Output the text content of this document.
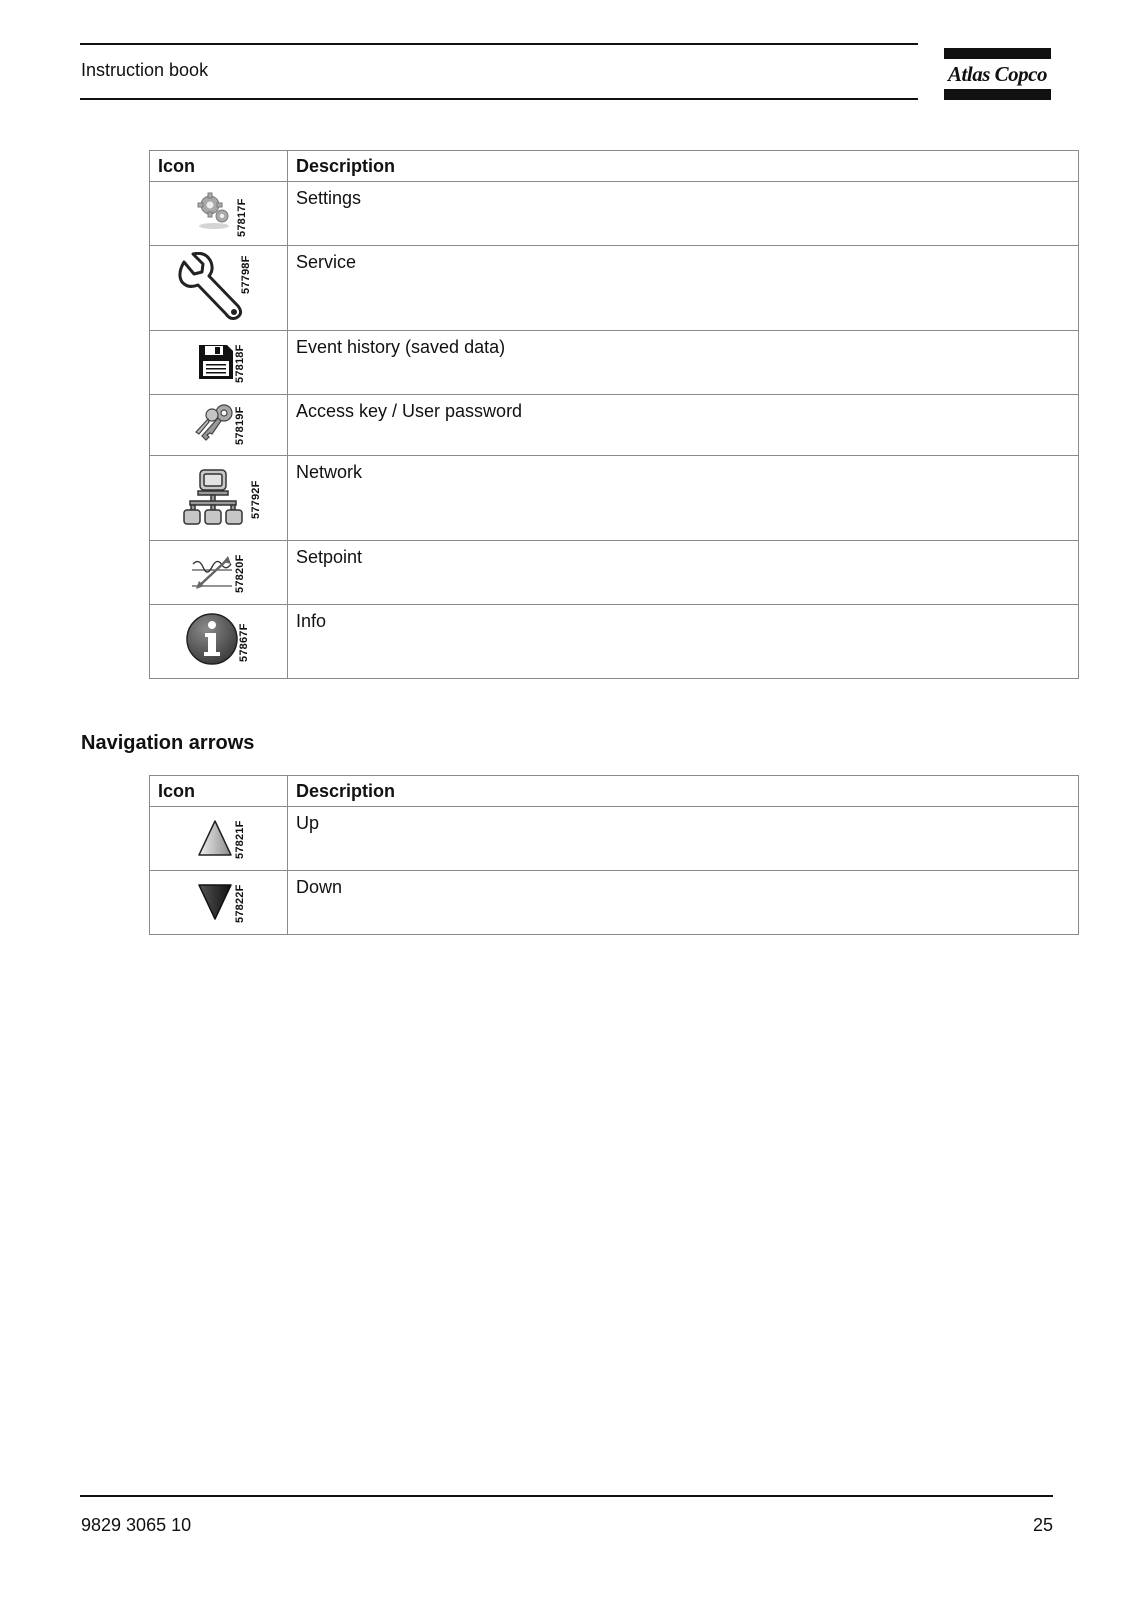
Instruction book	Atlas Copco
Icon	Description

57817F	Settings

57798F	Service

57818F	Event history (saved data)

57819F	Access key / User password

57792F	Network

57820F	Setpoint

57867F	Info
Navigation arrows
Icon	Description

57821F	Up

57822F	Down
9829 3065 10	25
